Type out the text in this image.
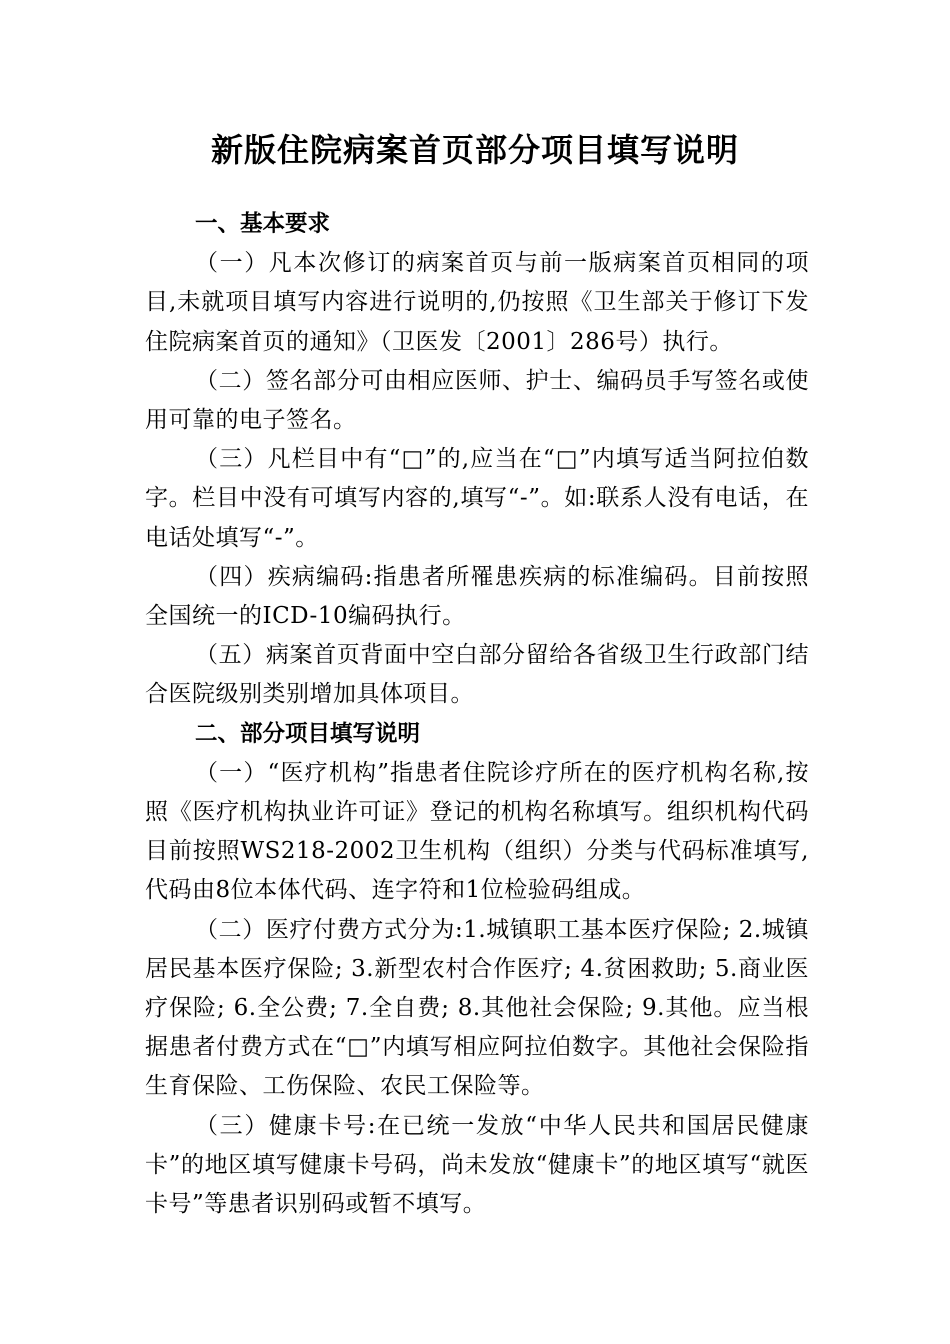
新版住院病案首页部分项目填写说明

一、基本要求

（一）凡本次修订的病案首页与前一版病案首页相同的项目,未就项目填写内容进行说明的,仍按照《卫生部关于修订下发住院病案首页的通知》（卫医发〔2001〕286号）执行。

（二）签名部分可由相应医师、护士、编码员手写签名或使用可靠的电子签名。

（三）凡栏目中有“□”的,应当在“□”内填写适当阿拉伯数字。栏目中没有可填写内容的,填写“-”。如:联系人没有电话，在电话处填写“-”。

（四）疾病编码:指患者所罹患疾病的标准编码。目前按照全国统一的ICD-10编码执行。

（五）病案首页背面中空白部分留给各省级卫生行政部门结合医院级别类别增加具体项目。

二、部分项目填写说明

（一）“医疗机构”指患者住院诊疗所在的医疗机构名称,按照《医疗机构执业许可证》登记的机构名称填写。组织机构代码目前按照WS218-2002卫生机构（组织）分类与代码标准填写,代码由8位本体代码、连字符和1位检验码组成。

（二）医疗付费方式分为:1.城镇职工基本医疗保险; 2.城镇居民基本医疗保险; 3.新型农村合作医疗; 4.贫困救助; 5.商业医疗保险; 6.全公费; 7.全自费; 8.其他社会保险; 9.其他。应当根据患者付费方式在“□”内填写相应阿拉伯数字。其他社会保险指生育保险、工伤保险、农民工保险等。

（三）健康卡号:在已统一发放“中华人民共和国居民健康卡”的地区填写健康卡号码，尚未发放“健康卡”的地区填写“就医卡号”等患者识别码或暂不填写。
